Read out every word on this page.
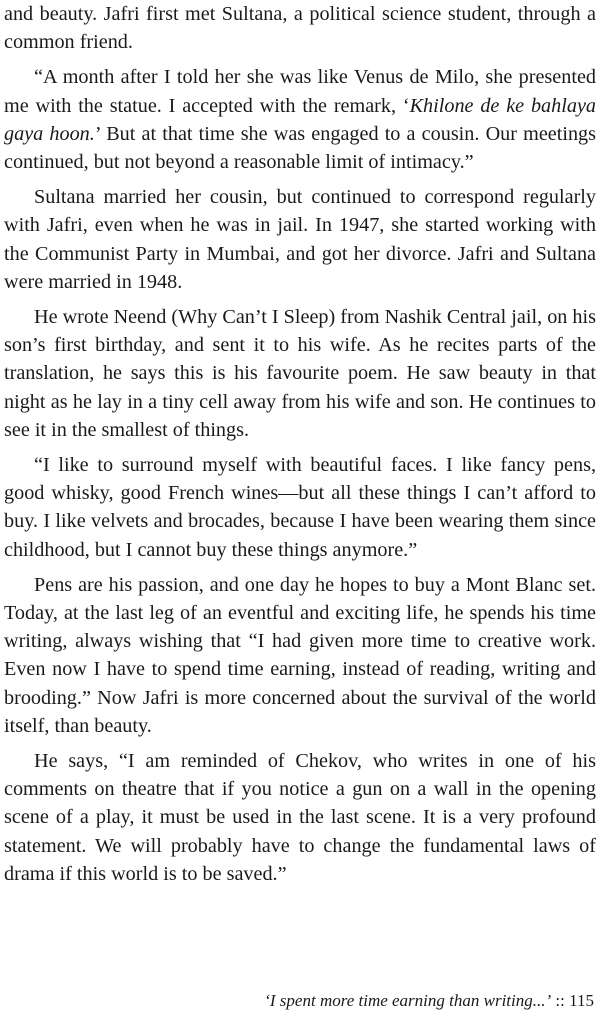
and beauty. Jafri first met Sultana, a political science student, through a common friend.

“A month after I told her she was like Venus de Milo, she presented me with the statue. I accepted with the remark, ‘Khilone de ke bahlaya gaya hoon.’ But at that time she was engaged to a cousin. Our meetings continued, but not beyond a reasonable limit of intimacy.”

Sultana married her cousin, but continued to correspond regularly with Jafri, even when he was in jail. In 1947, she started working with the Communist Party in Mumbai, and got her divorce. Jafri and Sultana were married in 1948.

He wrote Neend (Why Can’t I Sleep) from Nashik Central jail, on his son’s first birthday, and sent it to his wife. As he recites parts of the translation, he says this is his favourite poem. He saw beauty in that night as he lay in a tiny cell away from his wife and son. He continues to see it in the smallest of things.

“I like to surround myself with beautiful faces. I like fancy pens, good whisky, good French wines—but all these things I can’t afford to buy. I like velvets and brocades, because I have been wearing them since childhood, but I cannot buy these things anymore.”

Pens are his passion, and one day he hopes to buy a Mont Blanc set. Today, at the last leg of an eventful and exciting life, he spends his time writing, always wishing that “I had given more time to creative work. Even now I have to spend time earning, instead of reading, writing and brooding.” Now Jafri is more concerned about the survival of the world itself, than beauty.

He says, “I am reminded of Chekov, who writes in one of his comments on theatre that if you notice a gun on a wall in the opening scene of a play, it must be used in the last scene. It is a very profound statement. We will probably have to change the fundamental laws of drama if this world is to be saved.”

‘I spent more time earning than writing...’ :: 115
